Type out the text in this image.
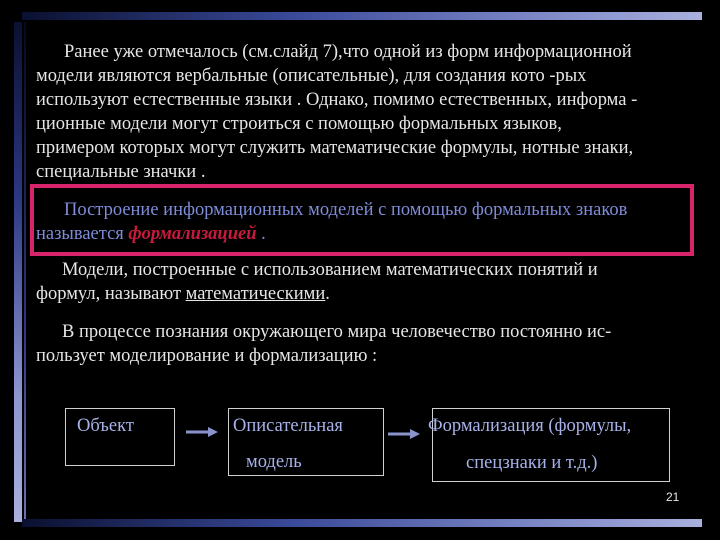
Ранее уже отмечалось (см.слайд 7),что одной из форм информационной
модели являются вербальные (описательные), для создания кото -рых
используют естественные языки . Однако, помимо естественных, информа -
ционные модели могут строиться с помощью формальных языков,
примером которых могут служить математические формулы, нотные знаки,
специальные значки .
Построение информационных моделей с помощью формальных знаков
называется формализацией .
Модели, построенные с использованием математических понятий и
формул, называют математическими.
В процессе познания окружающего мира человечество постоянно ис-
пользует моделирование и формализацию :
Объект	Описательная
модель
Формализация (формулы,
спецзнаки и т.д.)
21
